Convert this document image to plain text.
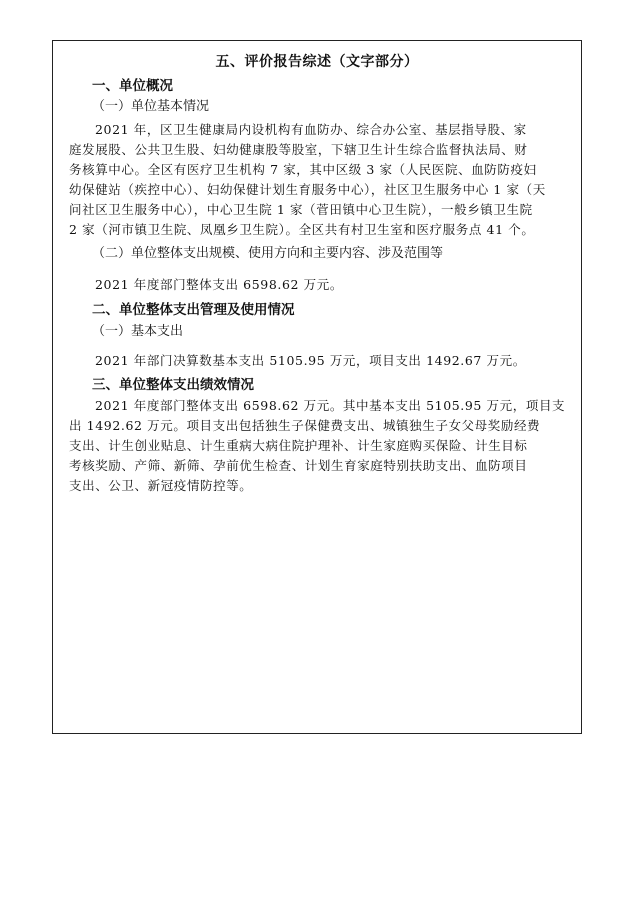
五、评价报告综述（文字部分）
一、单位概况
（一）单位基本情况
2021 年，区卫生健康局内设机构有血防办、综合办公室、基层指导股、家
庭发展股、公共卫生股、妇幼健康股等股室，下辖卫生计生综合监督执法局、财
务核算中心。全区有医疗卫生机构 7 家，其中区级 3 家（人民医院、血防防疫妇
幼保健站（疾控中心）、妇幼保健计划生育服务中心），社区卫生服务中心 1 家（天
问社区卫生服务中心），中心卫生院 1 家（菅田镇中心卫生院），一般乡镇卫生院
2 家（河市镇卫生院、凤凰乡卫生院）。全区共有村卫生室和医疗服务点 41 个。
（二）单位整体支出规模、使用方向和主要内容、涉及范围等
2021 年度部门整体支出 6598.62 万元。
二、单位整体支出管理及使用情况
（一）基本支出
2021 年部门决算数基本支出 5105.95 万元，项目支出 1492.67 万元。
三、单位整体支出绩效情况
2021 年度部门整体支出 6598.62 万元。其中基本支出 5105.95 万元，项目支
出 1492.62 万元。项目支出包括独生子保健费支出、城镇独生子女父母奖励经费
支出、计生创业贴息、计生重病大病住院护理补、计生家庭购买保险、计生目标
考核奖励、产筛、新筛、孕前优生检查、计划生育家庭特别扶助支出、血防项目
支出、公卫、新冠疫情防控等。
